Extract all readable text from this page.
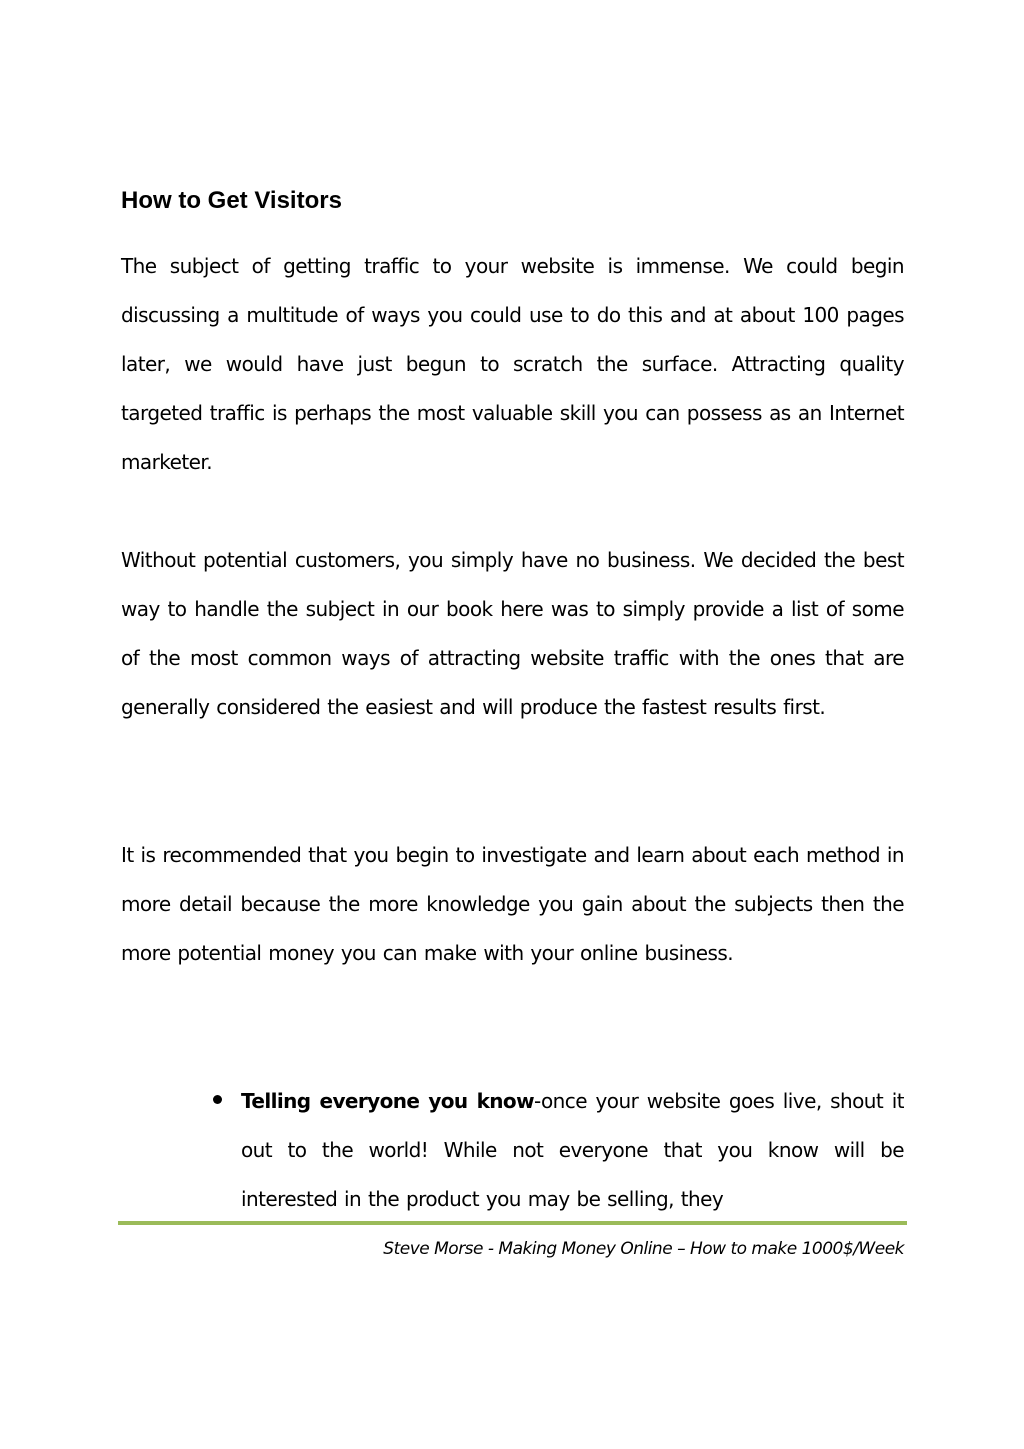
How to Get Visitors

The subject of getting traffic to your website is immense. We could begin discussing a multitude of ways you could use to do this and at about 100 pages later, we would have just begun to scratch the surface. Attracting quality targeted traffic is perhaps the most valuable skill you can possess as an Internet marketer.

Without potential customers, you simply have no business. We decided the best way to handle the subject in our book here was to simply provide a list of some of the most common ways of attracting website traffic with the ones that are generally considered the easiest and will produce the fastest results first.

It is recommended that you begin to investigate and learn about each method in more detail because the more knowledge you gain about the subjects then the more potential money you can make with your online business.

Telling everyone you know-once your website goes live, shout it out to the world! While not everyone that you know will be interested in the product you may be selling, they

Steve Morse - Making Money Online – How to make 1000$/Week
